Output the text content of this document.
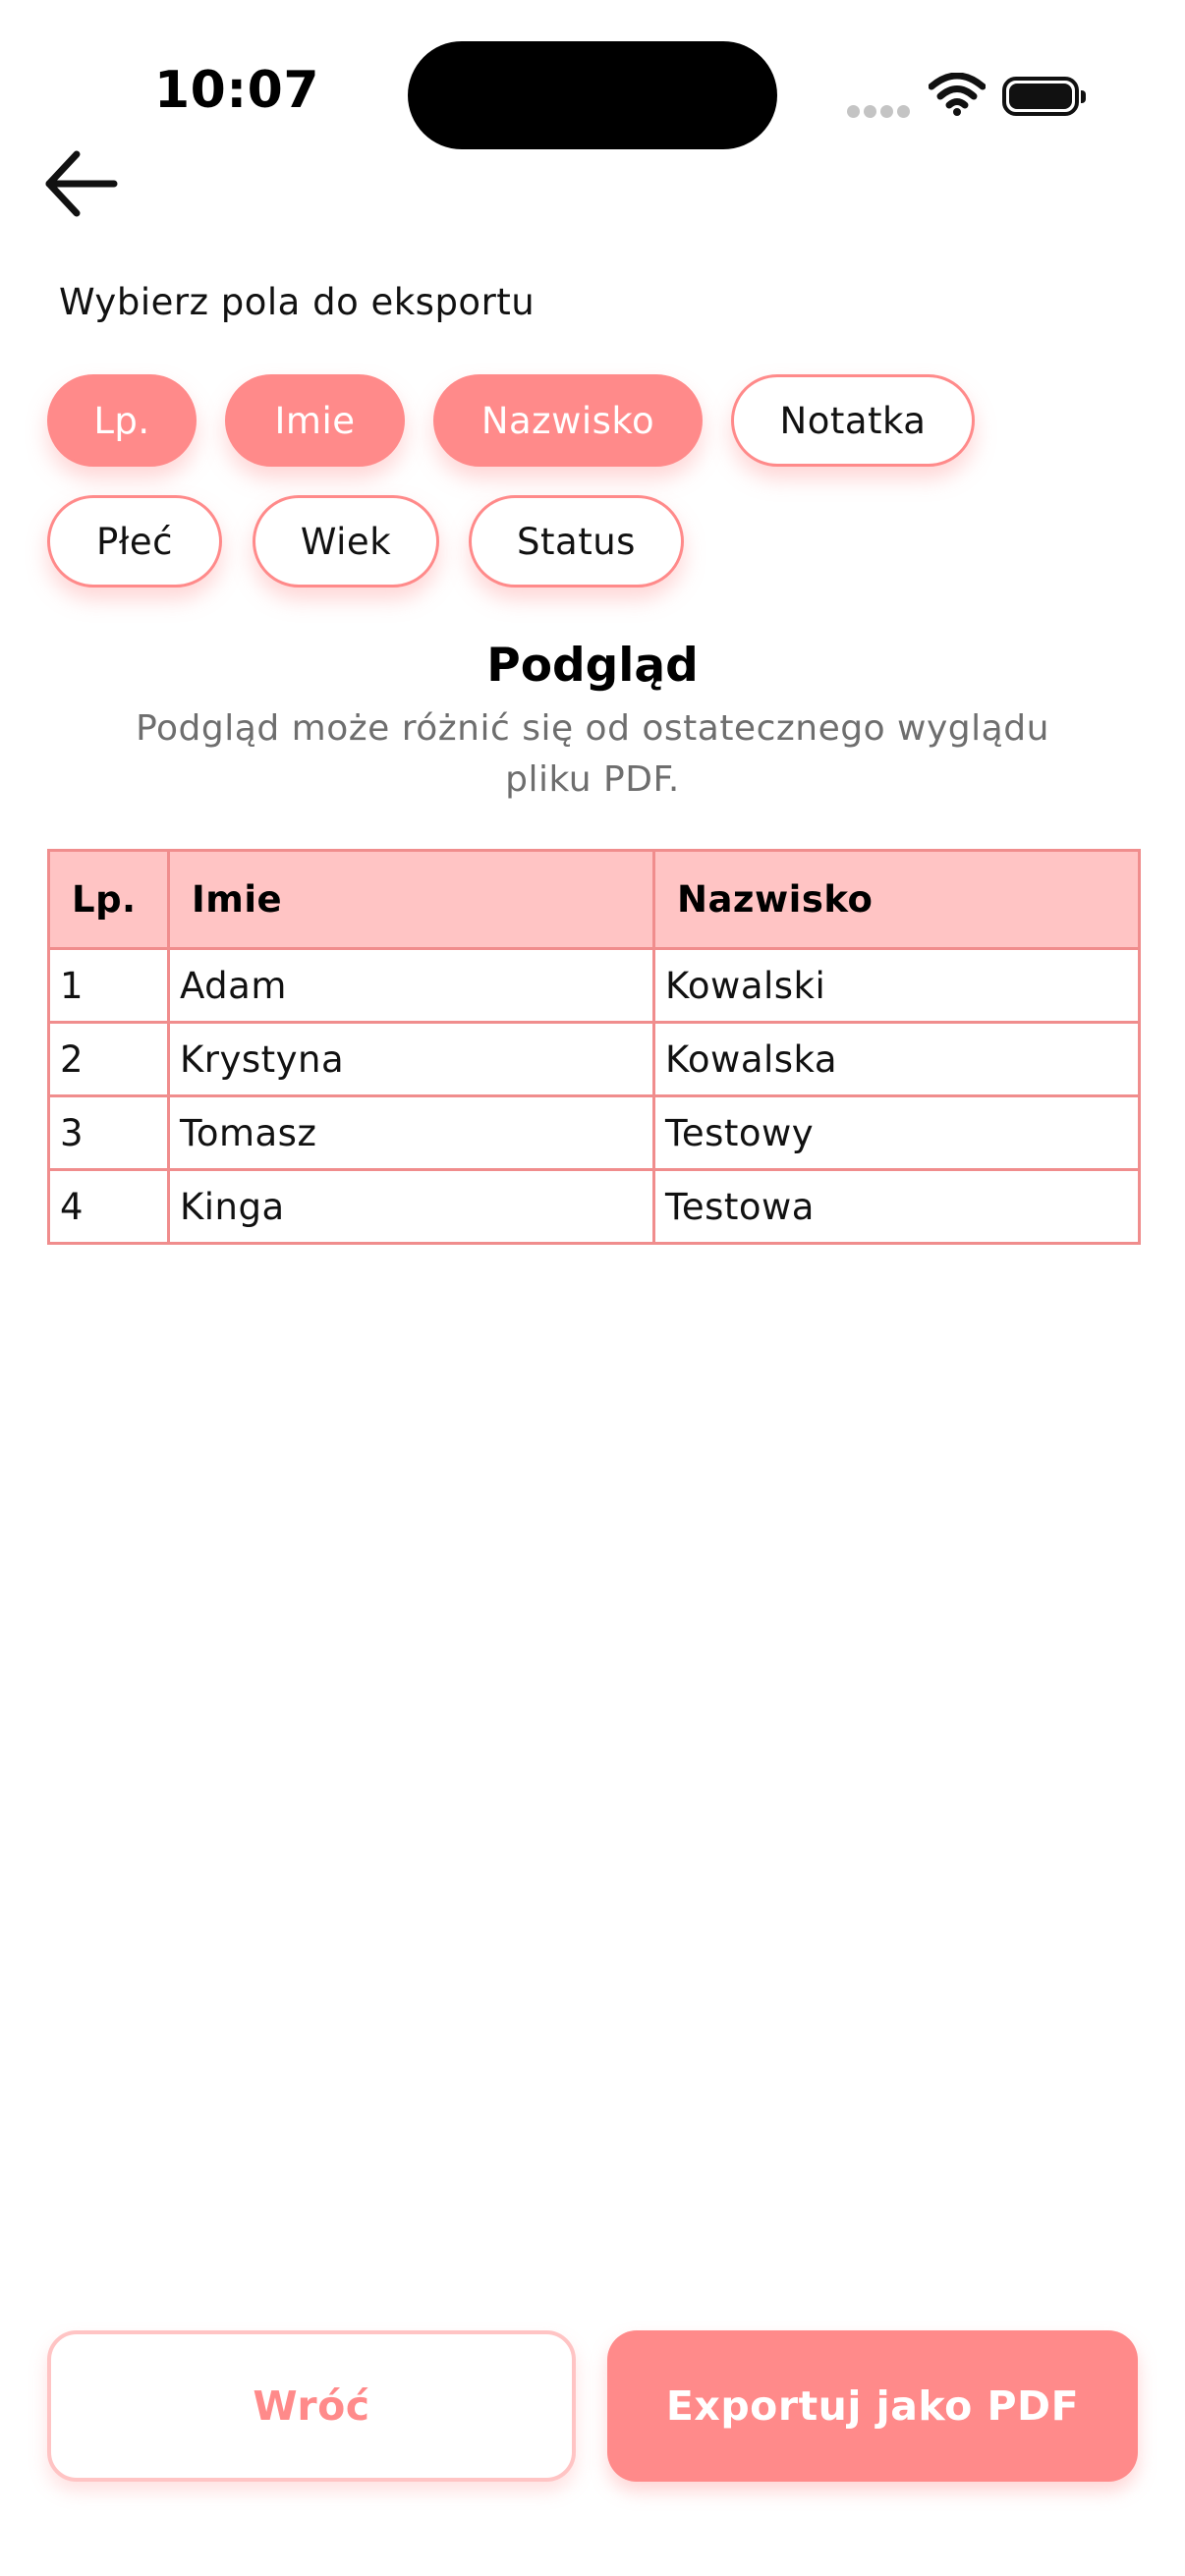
10:07
Wybierz pola do eksportu
Lp.	Imie	Nazwisko	Notatka
Płeć	Wiek	Status
Podgląd
Podgląd może różnić się od ostatecznego wyglądu pliku PDF.
Lp.	Imie	Nazwisko
1	Adam	Kowalski
2	Krystyna	Kowalska
3	Tomasz	Testowy
4	Kinga	Testowa
Wróć	Exportuj jako PDF
